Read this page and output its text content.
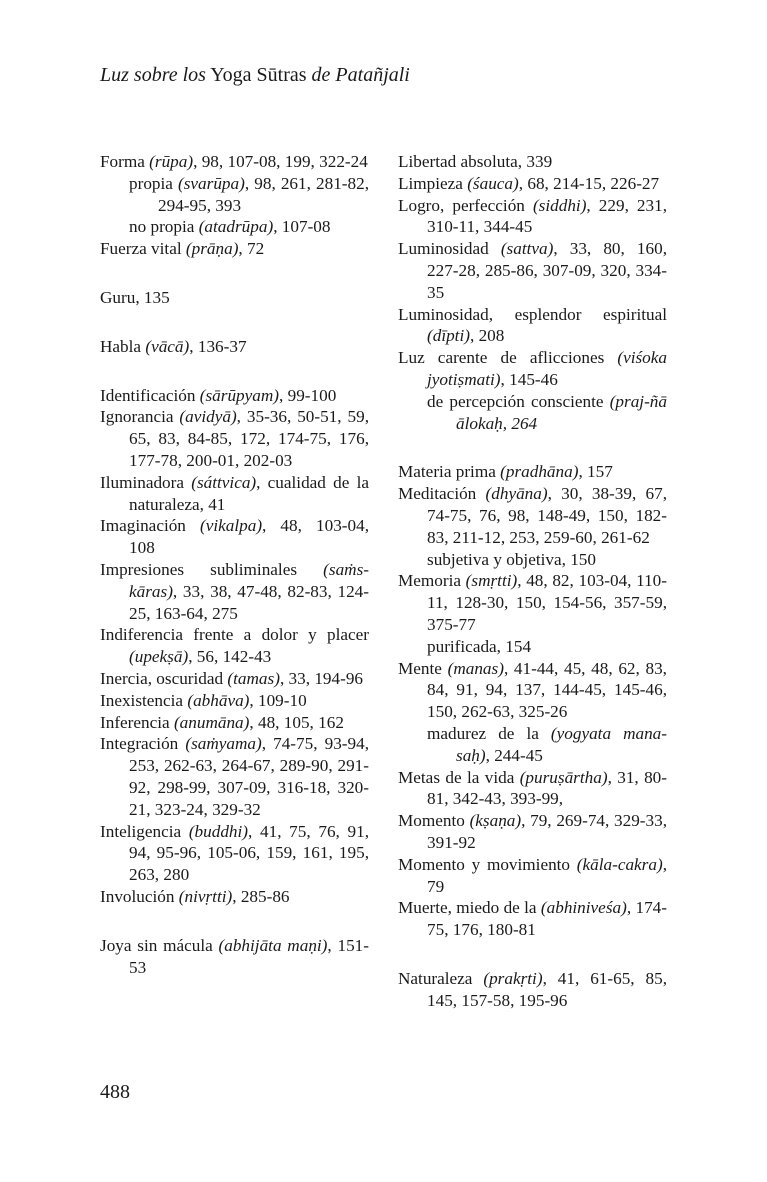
Luz sobre los Yoga Sūtras de Patañjali

Forma (rūpa), 98, 107-08, 199, 322-24

propia (svarūpa), 98, 261, 281-82, 294-95, 393

no propia (atadrūpa), 107-08

Fuerza vital (prāṇa), 72

Guru, 135

Habla (vācā), 136-37

Identificación (sārūpyam), 99-100

Ignorancia (avidyā), 35-36, 50-51, 59, 65, 83, 84-85, 172, 174-75, 176, 177-78, 200-01, 202-03

Iluminadora (sáttvica), cualidad de la naturaleza, 41

Imaginación (vikalpa), 48, 103-04, 108

Impresiones subliminales (saṁs-kāras), 33, 38, 47-48, 82-83, 124-25, 163-64, 275

Indiferencia frente a dolor y placer (upekṣā), 56, 142-43

Inercia, oscuridad (tamas), 33, 194-96

Inexistencia (abhāva), 109-10

Inferencia (anumāna), 48, 105, 162

Integración (saṁyama), 74-75, 93-94, 253, 262-63, 264-67, 289-90, 291-92, 298-99, 307-09, 316-18, 320-21, 323-24, 329-32

Inteligencia (buddhi), 41, 75, 76, 91, 94, 95-96, 105-06, 159, 161, 195, 263, 280

Involución (nivṛtti), 285-86

Joya sin mácula (abhijāta maṇi), 151-53

Libertad absoluta, 339

Limpieza (śauca), 68, 214-15, 226-27

Logro, perfección (siddhi), 229, 231, 310-11, 344-45

Luminosidad (sattva), 33, 80, 160, 227-28, 285-86, 307-09, 320, 334-35

Luminosidad, esplendor espiritual (dīpti), 208

Luz carente de aflicciones (viśoka jyotiṣmati), 145-46

de percepción consciente (praj-ñā ālokaḥ, 264

Materia prima (pradhāna), 157

Meditación (dhyāna), 30, 38-39, 67, 74-75, 76, 98, 148-49, 150, 182-83, 211-12, 253, 259-60, 261-62

subjetiva y objetiva, 150

Memoria (smṛtti), 48, 82, 103-04, 110-11, 128-30, 150, 154-56, 357-59, 375-77

purificada, 154

Mente (manas), 41-44, 45, 48, 62, 83, 84, 91, 94, 137, 144-45, 145-46, 150, 262-63, 325-26

madurez de la (yogyata mana-saḥ), 244-45

Metas de la vida (puruṣārtha), 31, 80-81, 342-43, 393-99,

Momento (kṣaṇa), 79, 269-74, 329-33, 391-92

Momento y movimiento (kāla-cakra), 79

Muerte, miedo de la (abhiniveśa), 174-75, 176, 180-81

Naturaleza (prakṛti), 41, 61-65, 85, 145, 157-58, 195-96

488
